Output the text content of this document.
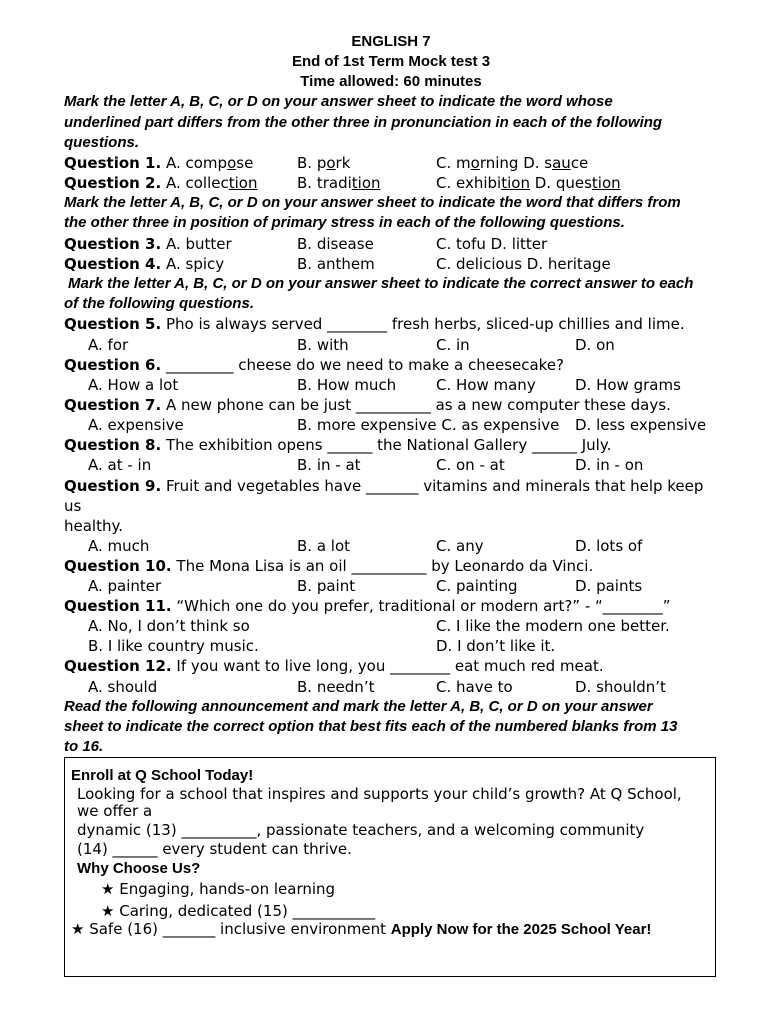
ENGLISH 7
End of 1st Term Mock test 3
Time allowed: 60 minutes
Mark the letter A, B, C, or D on your answer sheet to indicate the word whose
underlined part differs from the other three in pronunciation in each of the following
questions.
Question 1. A. compose	B. pork	C. morning D. sauce
Question 2. A. collection	B. tradition	C. exhibition D. question
Mark the letter A, B, C, or D on your answer sheet to indicate the word that differs from
the other three in position of primary stress in each of the following questions.
Question 3. A. butter	B. disease	C. tofu D. litter
Question 4. A. spicy	B. anthem	C. delicious D. heritage
Mark the letter A, B, C, or D on your answer sheet to indicate the correct answer to each
of the following questions.
Question 5. Pho is always served ________ fresh herbs, sliced-up chillies and lime.
A. for	B. with	C. in	D. on
Question 6. _________ cheese do we need to make a cheesecake?
A. How a lot	B. How much	C. How many	D. How grams
Question 7. A new phone can be just __________ as a new computer these days.
A. expensive	B. more expensive C. as expensive D. less expensive
Question 8. The exhibition opens ______ the National Gallery ______ July.
A. at - in	B. in - at	C. on - at	D. in - on
Question 9. Fruit and vegetables have _______ vitamins and minerals that help keep
us
healthy.
A. much	B. a lot	C. any	D. lots of
Question 10. The Mona Lisa is an oil __________ by Leonardo da Vinci.
A. painter	B. paint	C. painting	D. paints
Question 11. “Which one do you prefer, traditional or modern art?” - “________”
A. No, I don’t think so	C. I like the modern one better.
B. I like country music.	D. I don’t like it.
Question 12. If you want to live long, you ________ eat much red meat.
A. should	B. needn’t	C. have to	D. shouldn’t
Read the following announcement and mark the letter A, B, C, or D on your answer
sheet to indicate the correct option that best fits each of the numbered blanks from 13
to 16.
Enroll at Q School Today!
Looking for a school that inspires and supports your child’s growth? At Q School,
we offer a
dynamic (13) __________, passionate teachers, and a welcoming community
(14) ______ every student can thrive.
Why Choose Us?
★ Engaging, hands-on learning
★ Caring, dedicated (15) ___________
★ Safe (16) _______ inclusive environment Apply Now for the 2025 School Year!
